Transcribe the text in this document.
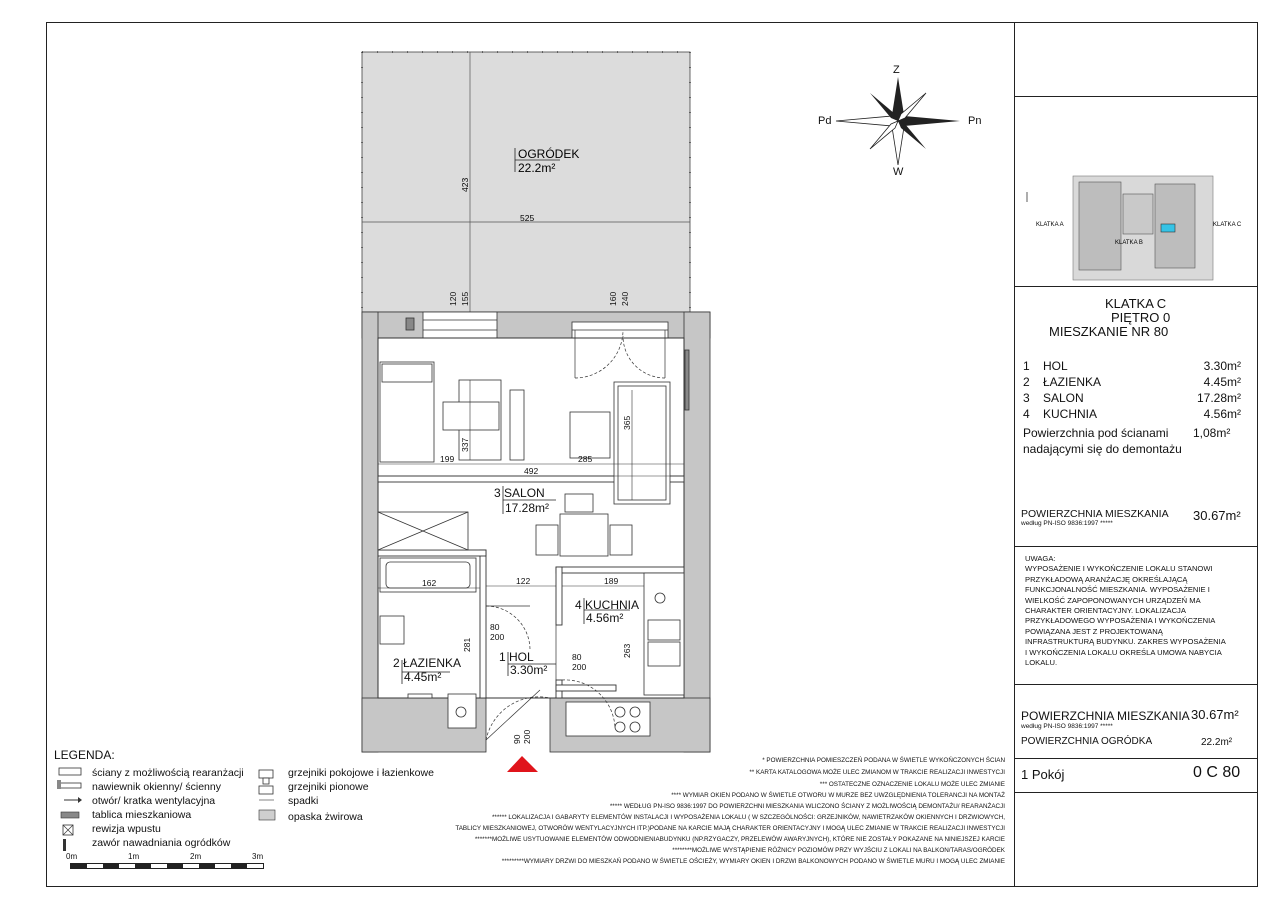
OGRÓDEK
22.2m²
525
423
120 155	160 240
337
365
199	285
492
162	122	189
281	263
80
200
80
200
90 200
3 SALON
17.28m²
4 KUCHNIA
4.56m²
1 HOL
3.30m²
2 ŁAZIENKA
4.45m²
Z
W
Pd	Pn
KLATKA A
KLATKA B
KLATKA C
KLATKA C
PIĘTRO 0
MIESZKANIE NR 80
1	HOL	3.30m²
2	ŁAZIENKA	4.45m²
3	SALON	17.28m²
4	KUCHNIA	4.56m²
Powierzchnia pod ścianami
nadającymi się do demontażu
1,08m²
POWIERZCHNIA MIESZKANIA
według PN-ISO 9836:1997 *****
30.67m²
UWAGA:
WYPOSAŻENIE I WYKOŃCZENIE LOKALU STANOWI
PRZYKŁADOWĄ ARANŻACJĘ OKREŚLAJĄCĄ
FUNKCJONALNOŚĆ MIESZKANIA. WYPOSAŻENIE I
WIELKOŚĆ ZAPOPONOWANYCH URZĄDZEŃ MA
CHARAKTER ORIENTACYJNY. LOKALIZACJA
PRZYKŁADOWEGO WYPOSAŻENIA I WYKOŃCZENIA
POWIĄZANA JEST Z PROJEKTOWANĄ
INFRASTRUKTURĄ BUDYNKU. ZAKRES WYPOSAŻENIA
I WYKOŃCZENIA LOKALU OKREŚLA UMOWA NABYCIA
LOKALU.
POWIERZCHNIA MIESZKANIA
według PN-ISO 9836:1997 *****
30.67m²
POWIERZCHNIA OGRÓDKA	22.2m²
1 Pokój	0 C 80
LEGENDA:
ściany z możliwością rearanżacji
nawiewnik okienny/ ścienny
otwór/ kratka wentylacyjna
tablica mieszkaniowa
rewizja wpustu
zawór nawadniania ogródków
grzejniki pokojowe i łazienkowe
grzejniki pionowe
spadki
opaska żwirowa
0m	1m	2m	3m
* POWIERZCHNIA POMIESZCZEŃ PODANA W ŚWIETLE WYKOŃCZONYCH ŚCIAN
** KARTA KATALOGOWA MOŻE ULEC ZMIANOM W TRAKCIE REALIZACJI INWESTYCJI
*** OSTATECZNE OZNACZENIE LOKALU MOŻE ULEC ZMIANIE
**** WYMIAR OKIEN PODANO W ŚWIETLE OTWORU W MURZE BEZ UWZGLĘDNIENIA TOLERANCJI NA MONTAŻ
***** WEDŁUG PN-ISO 9836:1997 DO POWIERZCHNI MIESZKANIA WLICZONO ŚCIANY Z MOŻLIWOŚCIĄ DEMONTAŻU/ REARANŻACJI
****** LOKALIZACJA I GABARYTY ELEMENTÓW INSTALACJI I WYPOSAŻENIA LOKALU ( W SZCZEGÓLNOŚCI: GRZEJNIKÓW, NAWIETRZAKÓW OKIENNYCH I DRZWIOWYCH,
TABLICY MIESZKANIOWEJ, OTWORÓW WENTYLACYJNYCH ITP.)PODANE NA KARCIE MAJĄ CHARAKTER ORIENTACYJNY I MOGĄ ULEC ZMIANIE W TRAKCIE REALIZACJI INWESTYCJI
*******MOŻLIWE USYTUOWANIE ELEMENTÓW ODWODNIENIABUDYNKU (NP.RZYGACZY, PRZELEWÓW AWARYJNYCH), KTÓRE NIE ZOSTAŁY POKAZANE NA NINIEJSZEJ KARCIE
********MOŻLIWE WYSTĄPIENIE RÓŻNICY POZIOMÓW PRZY WYJŚCIU Z LOKALI NA BALKON/TARAS/OGRÓDEK
*********WYMIARY DRZWI DO MIESZKAŃ PODANO W ŚWIETLE OŚCIEŻY, WYMIARY OKIEN I DRZWI BALKONOWYCH PODANO W ŚWIETLE MURU I MOGĄ ULEC ZMIANIE
